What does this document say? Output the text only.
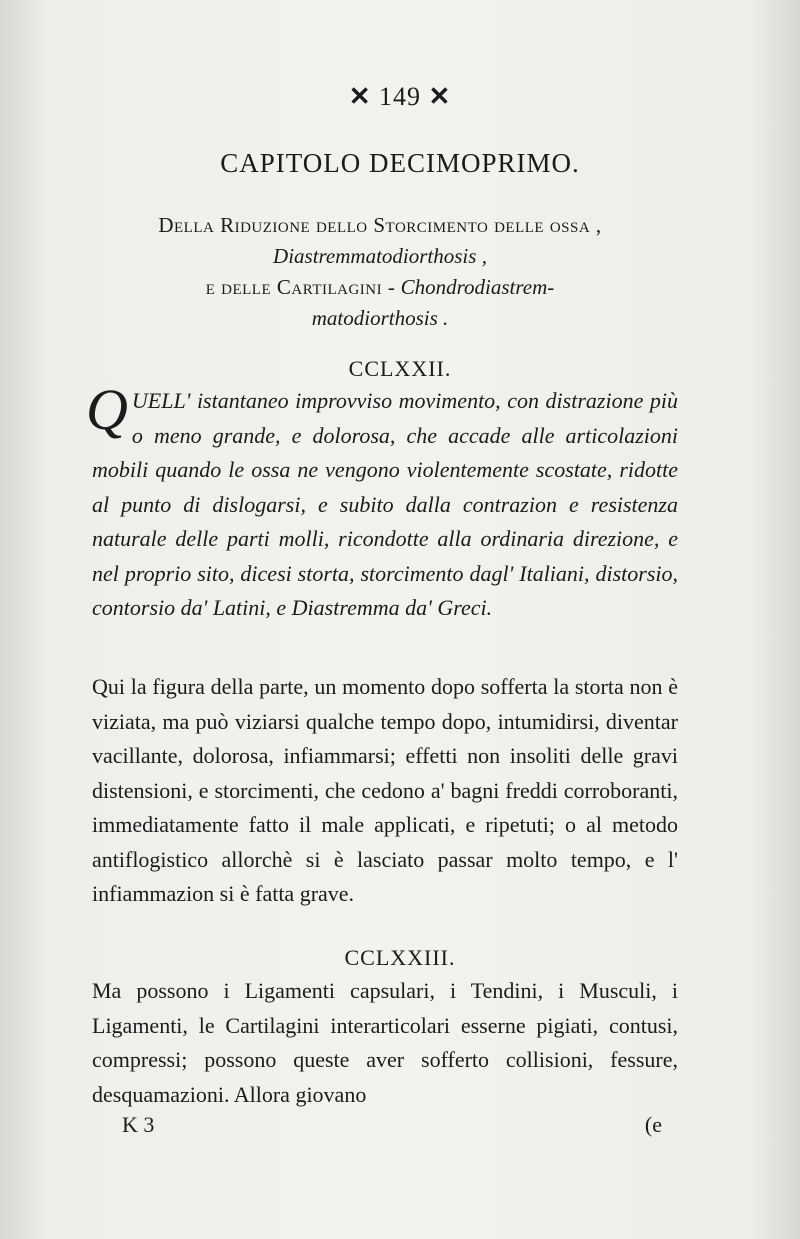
✕ 149 ✕
CAPITOLO DECIMOPRIMO.
Della Riduzione dello Storcimento delle ossa ,
Diastremmatodiorthosis ,
e delle Cartilagini - Chondrodiastrem-
matodiorthosis .
CCLXXII.
QUELL' istantaneo improvviso movimento, con distrazione più o meno grande, e dolorosa, che accade alle articolazioni mobili quando le ossa ne vengono violentemente scostate, ridotte al punto di dislogarsi, e subito dalla contrazion e resistenza naturale delle parti molli, ricondotte alla ordinaria direzione, e nel proprio sito, dicesi storta, storcimento dagl' Italiani, distorsio, contorsio da' Latini, e Diastremma da' Greci.
Qui la figura della parte, un momento dopo sofferta la storta non è viziata, ma può viziarsi qualche tempo dopo, intumidirsi, diventar vacillante, dolorosa, infiammarsi; effetti non insoliti delle gravi distensioni, e storcimenti, che cedono a' bagni freddi corroboranti, immediatamente fatto il male applicati, e ripetuti; o al metodo antiflogistico allorchè si è lasciato passar molto tempo, e l' infiammazion si è fatta grave.
CCLXXIII.
Ma possono i Ligamenti capsulari, i Tendini, i Musculi, i Ligamenti, le Cartilagini interarticolari esserne pigiati, contusi, compressi; possono queste aver sofferto collisioni, fessure, desquamazioni. Allora giovano
K 3	(e
